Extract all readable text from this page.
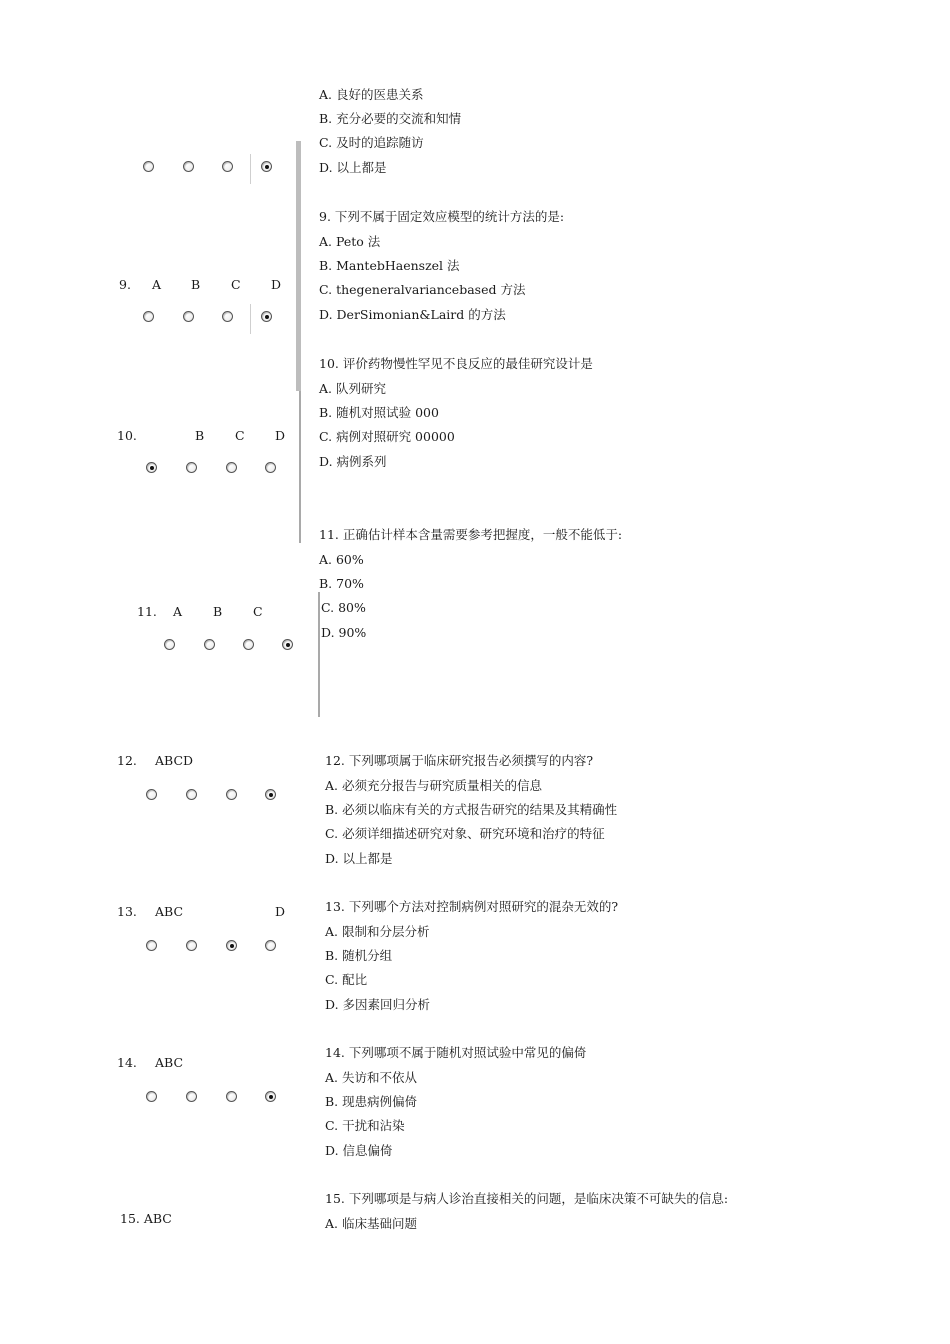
A. 良好的医患关系
B. 充分必要的交流和知情
C. 及时的追踪随访
D. 以上都是
9. 下列不属于固定效应模型的统计方法的是:
A. Peto 法
B. MantebHaenszel 法
C. thegeneralvariancebased 方法
D. DerSimonian&Laird 的方法
9. A B C D
10. 评价药物慢性罕见不良反应的最佳研究设计是
A. 队列研究
B. 随机对照试验 000
C. 病例对照研究 00000
D. 病例系列
10.	B C D
11. 正确估计样本含量需要参考把握度，一般不能低于:
A. 60%
B. 70%
C. 80%
D. 90%
11. A B C
12. 下列哪项属于临床研究报告必须撰写的内容?
A. 必须充分报告与研究质量相关的信息
B. 必须以临床有关的方式报告研究的结果及其精确性
C. 必须详细描述研究对象、研究环境和治疗的特征
D. 以上都是
12. ABCD
13. 下列哪个方法对控制病例对照研究的混杂无效的?
A. 限制和分层分析
B. 随机分组
C. 配比
D. 多因素回归分析
13. ABC	D
14. 下列哪项不属于随机对照试验中常见的偏倚
A. 失访和不依从
B. 现患病例偏倚
C. 干扰和沾染
D. 信息偏倚
14. ABC
15. 下列哪项是与病人诊治直接相关的问题，是临床决策不可缺失的信息:
A. 临床基础问题
15. ABC
